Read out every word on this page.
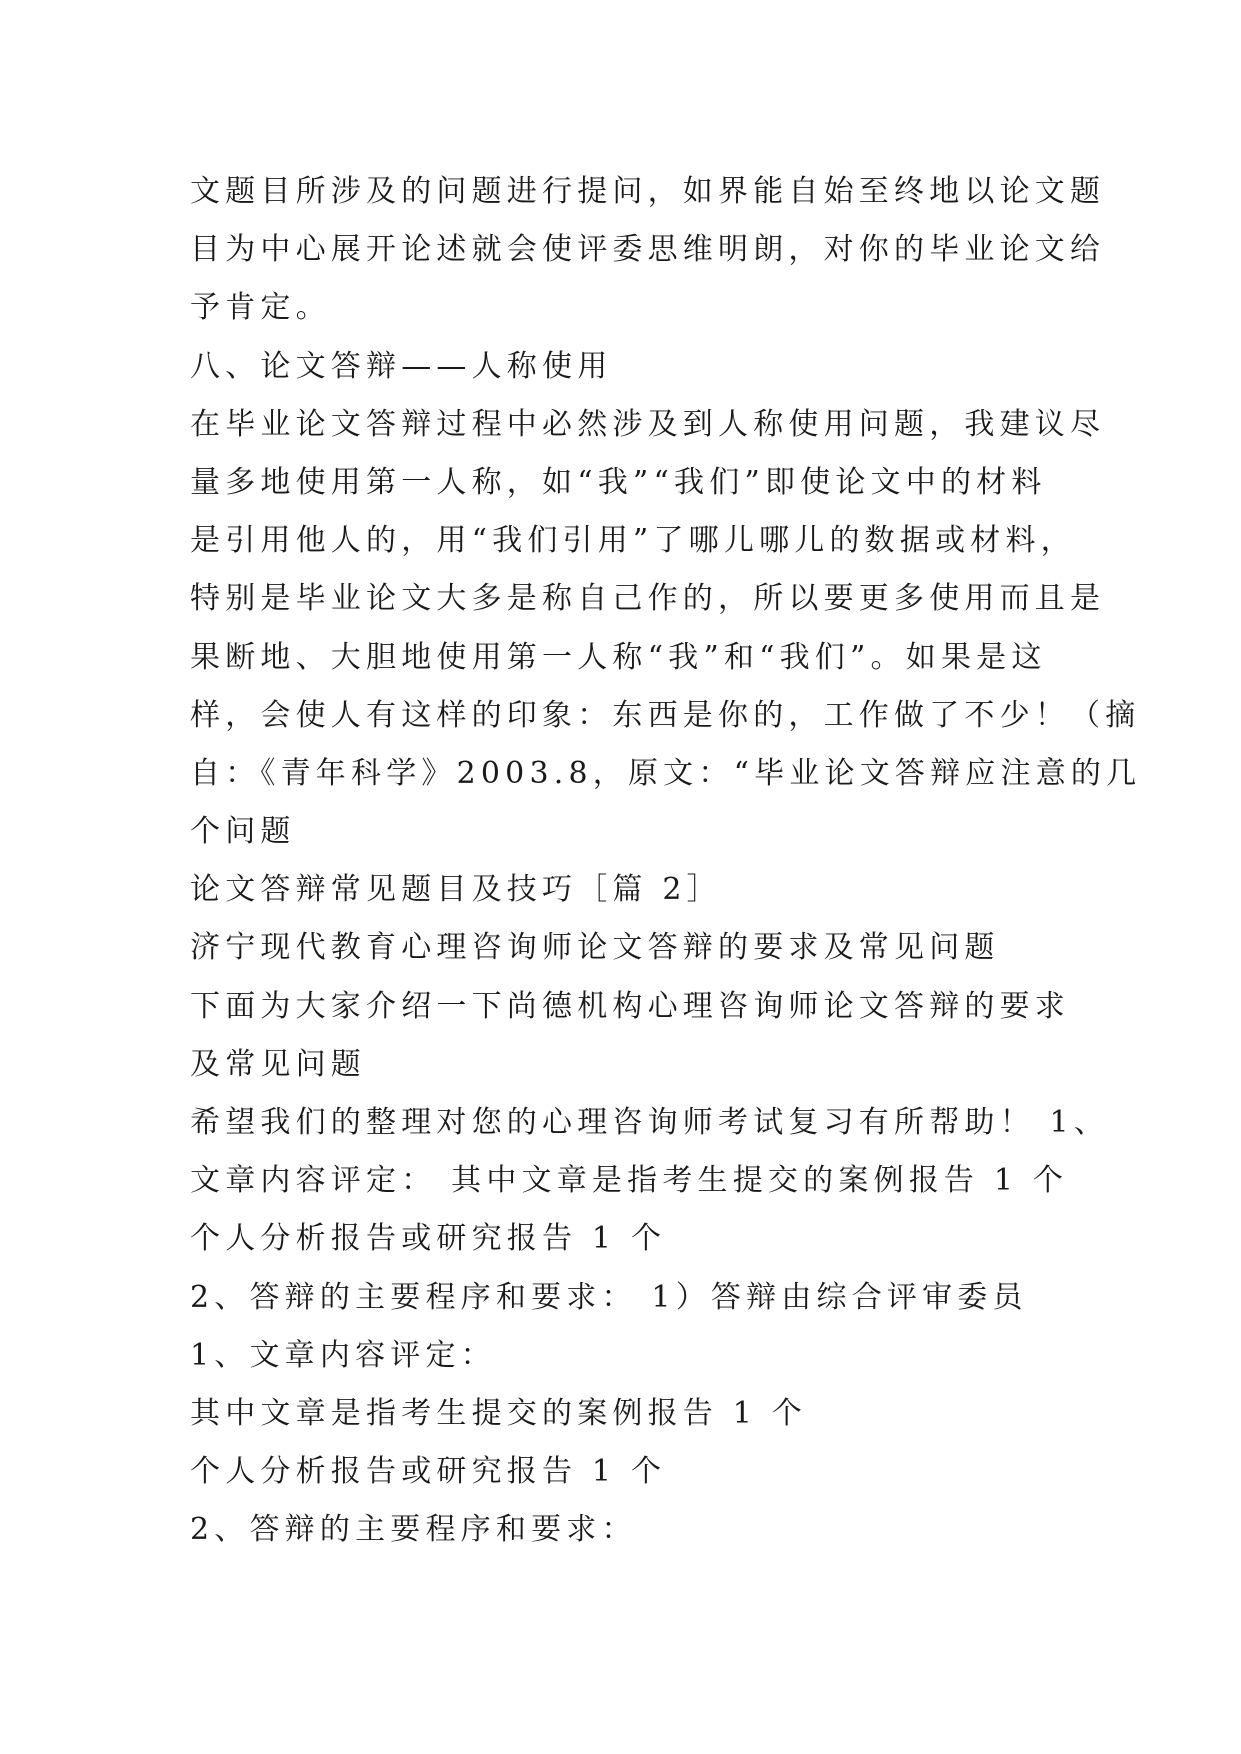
文题目所涉及的问题进行提问，如界能自始至终地以论文题
目为中心展开论述就会使评委思维明朗，对你的毕业论文给
予肯定。
八、论文答辩——人称使用
在毕业论文答辩过程中必然涉及到人称使用问题，我建议尽
量多地使用第一人称，如“我”“我们”即使论文中的材料
是引用他人的，用“我们引用”了哪儿哪儿的数据或材料，
特别是毕业论文大多是称自己作的，所以要更多使用而且是
果断地、大胆地使用第一人称“我”和“我们”。如果是这
样，会使人有这样的印象：东西是你的，工作做了不少！（摘
自：《青年科学》2003.8，原文：“毕业论文答辩应注意的几
个问题
论文答辩常见题目及技巧［篇 2］
济宁现代教育心理咨询师论文答辩的要求及常见问题
下面为大家介绍一下尚德机构心理咨询师论文答辩的要求
及常见问题
希望我们的整理对您的心理咨询师考试复习有所帮助！ 1、
文章内容评定： 其中文章是指考生提交的案例报告 1 个
个人分析报告或研究报告 1 个
2、答辩的主要程序和要求： 1）答辩由综合评审委员
1、文章内容评定：
其中文章是指考生提交的案例报告 1 个
个人分析报告或研究报告 1 个
2、答辩的主要程序和要求：
